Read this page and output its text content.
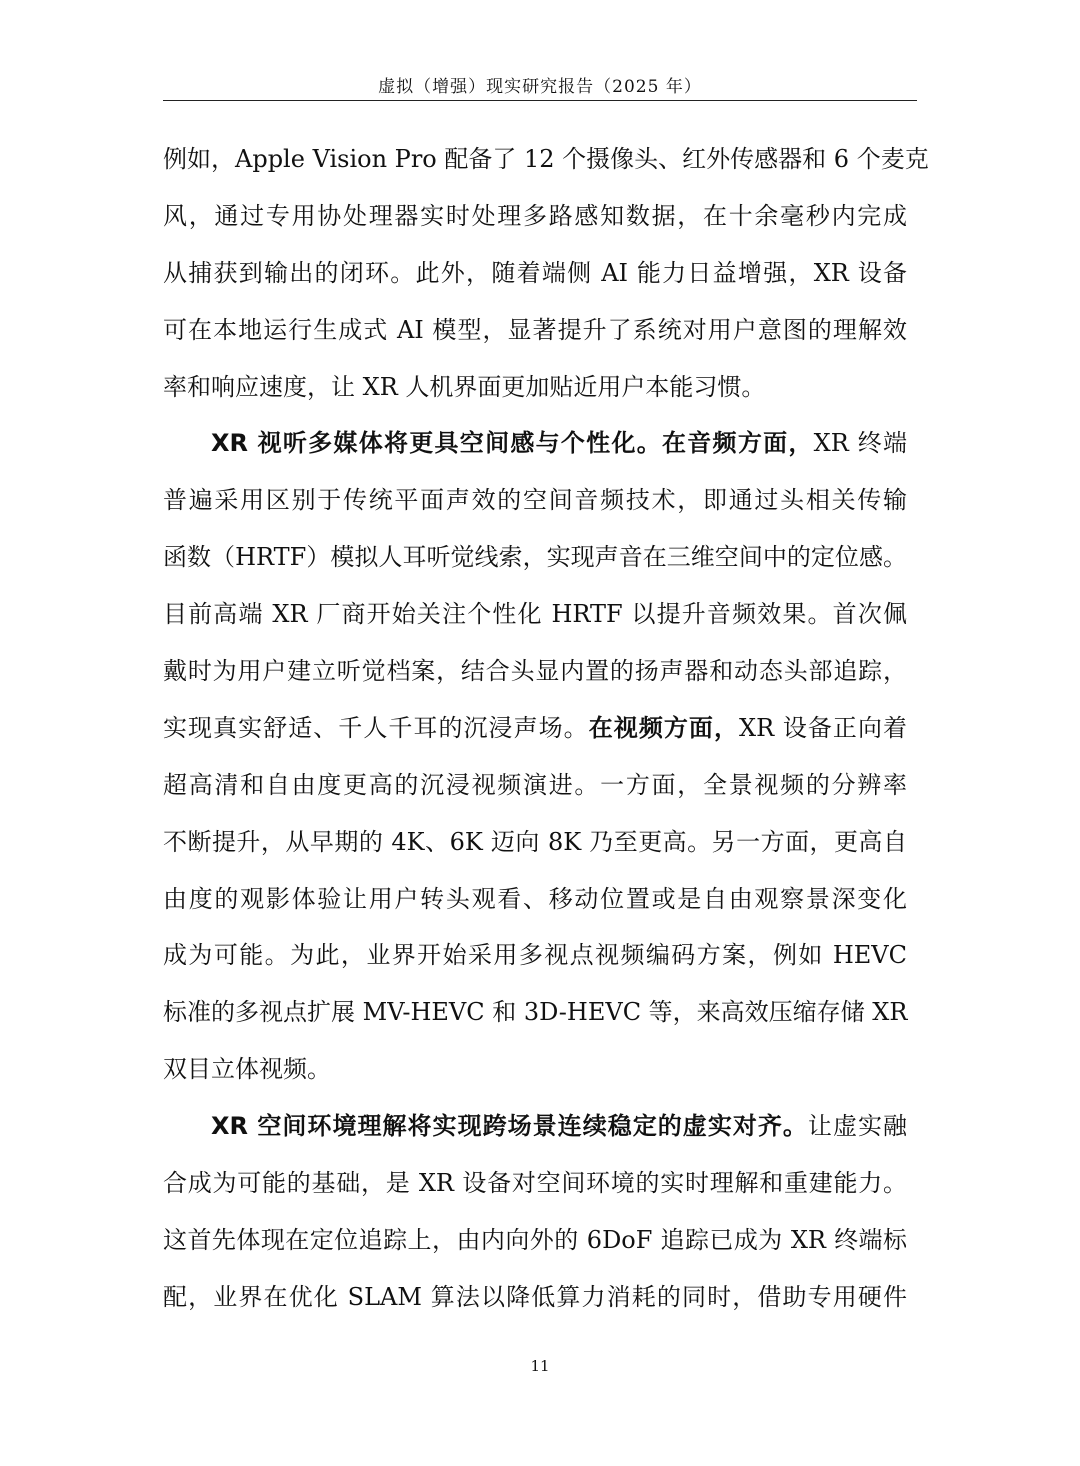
虚拟（增强）现实研究报告（2025 年）
例如，Apple Vision Pro 配备了 12 个摄像头、红外传感器和 6 个麦克
风，通过专用协处理器实时处理多路感知数据，在十余毫秒内完成
从捕获到输出的闭环。此外，随着端侧 AI 能力日益增强，XR 设备
可在本地运行生成式 AI 模型，显著提升了系统对用户意图的理解效
率和响应速度，让 XR 人机界面更加贴近用户本能习惯。
XR 视听多媒体将更具空间感与个性化。在音频方面，XR 终端
普遍采用区别于传统平面声效的空间音频技术，即通过头相关传输
函数（HRTF）模拟人耳听觉线索，实现声音在三维空间中的定位感。
目前高端 XR 厂商开始关注个性化 HRTF 以提升音频效果。首次佩
戴时为用户建立听觉档案，结合头显内置的扬声器和动态头部追踪，
实现真实舒适、千人千耳的沉浸声场。在视频方面，XR 设备正向着
超高清和自由度更高的沉浸视频演进。一方面，全景视频的分辨率
不断提升，从早期的 4K、6K 迈向 8K 乃至更高。另一方面，更高自
由度的观影体验让用户转头观看、移动位置或是自由观察景深变化
成为可能。为此，业界开始采用多视点视频编码方案，例如 HEVC
标准的多视点扩展 MV-HEVC 和 3D-HEVC 等，来高效压缩存储 XR
双目立体视频。
XR 空间环境理解将实现跨场景连续稳定的虚实对齐。让虚实融
合成为可能的基础，是 XR 设备对空间环境的实时理解和重建能力。
这首先体现在定位追踪上，由内向外的 6DoF 追踪已成为 XR 终端标
配，业界在优化 SLAM 算法以降低算力消耗的同时，借助专用硬件
11
